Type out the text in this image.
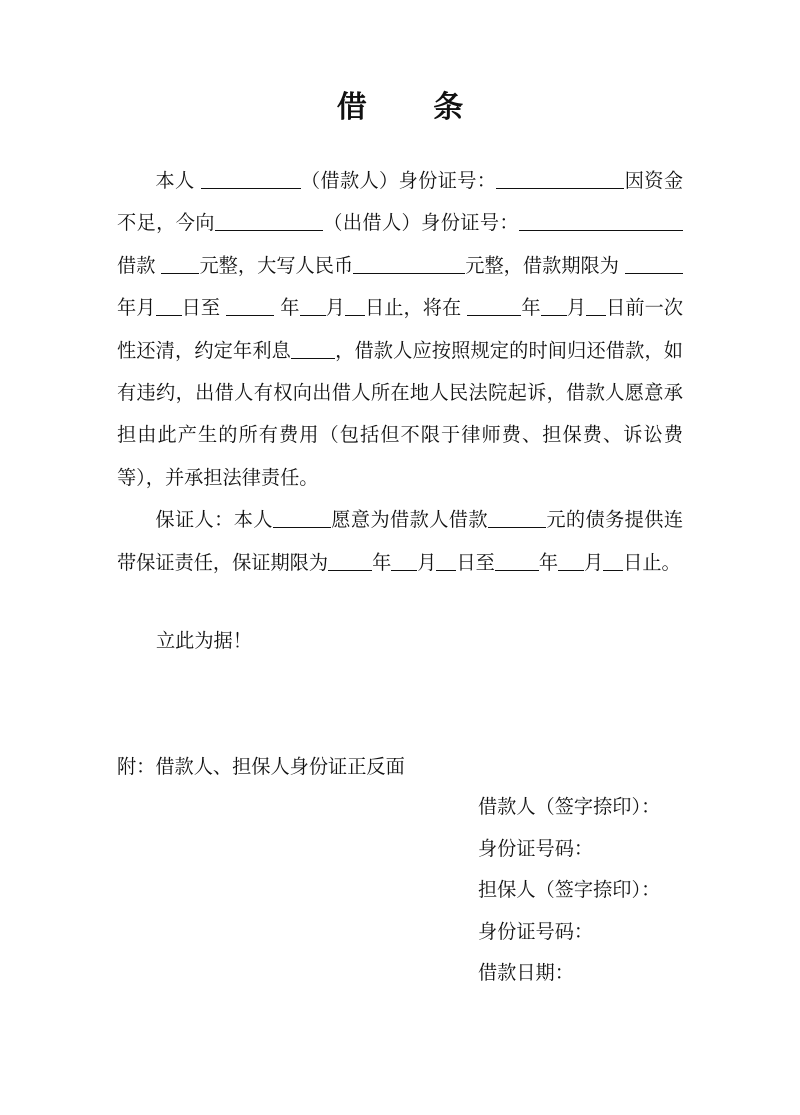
借 条

本人	（借款人）身份证号：	因资金不足，今向	（出借人）身份证号：借款 元整，大写人民币	元整，借款期限为年月 日至	年 月 日止，将在	年 月 日前一次性还清，约定年利息 ，借款人应按照规定的时间归还借款，如有违约，出借人有权向出借人所在地人民法院起诉，借款人愿意承担由此产生的所有费用（包括但不限于律师费、担保费、诉讼费等），并承担法律责任。

保证人：本人	愿意为借款人借款	元的债务提供连带保证责任，保证期限为 年 月 日至 年 月 日止。

立此为据！
附：借款人、担保人身份证正反面
借款人（签字捺印）：
身份证号码：
担保人（签字捺印）：
身份证号码：
借款日期：
